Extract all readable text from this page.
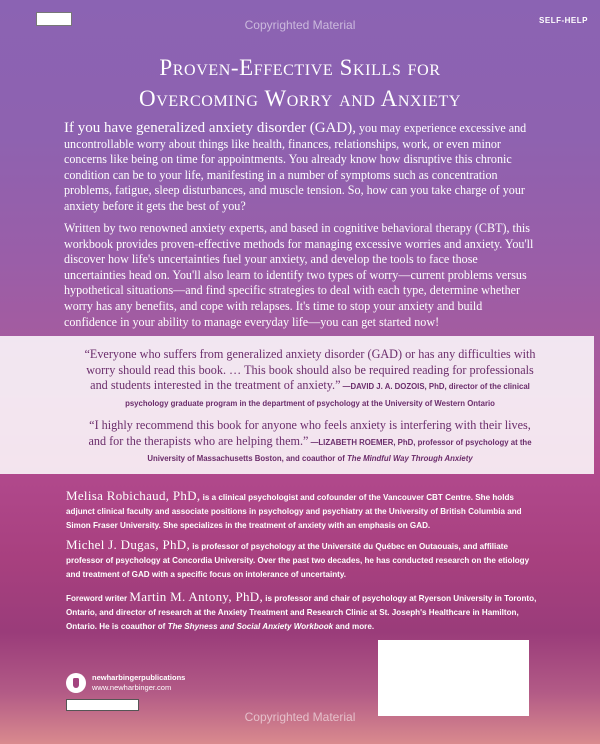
Copyrighted Material	SELF-HELP
Proven-Effective Skills for
Overcoming Worry and Anxiety

If you have generalized anxiety disorder (GAD), you may experience excessive and uncontrollable worry about things like health, finances, relationships, work, or even minor concerns like being on time for appointments. You already know how disruptive this chronic condition can be to your life, manifesting in a number of symptoms such as concentration problems, fatigue, sleep disturbances, and muscle tension. So, how can you take charge of your anxiety before it gets the best of you?

Written by two renowned anxiety experts, and based in cognitive behavioral therapy (CBT), this workbook provides proven-effective methods for managing excessive worries and anxiety. You'll discover how life's uncertainties fuel your anxiety, and develop the tools to face those uncertainties head on. You'll also learn to identify two types of worry—current problems versus hypothetical situations—and find specific strategies to deal with each type, determine whether worry has any benefits, and cope with relapses. It's time to stop your anxiety and build confidence in your ability to manage everyday life—you can get started now!

“Everyone who suffers from generalized anxiety disorder (GAD) or has any difficulties with worry should read this book. … This book should also be required reading for professionals and students interested in the treatment of anxiety.” —DAVID J. A. DOZOIS, PhD, director of the clinical psychology graduate program in the department of psychology at the University of Western Ontario
“I highly recommend this book for anyone who feels anxiety is interfering with their lives, and for the therapists who are helping them.” —LIZABETH ROEMER, PhD, professor of psychology at the University of Massachusetts Boston, and coauthor of The Mindful Way Through Anxiety
Melisa Robichaud, PhD, is a clinical psychologist and cofounder of the Vancouver CBT Centre. She holds adjunct clinical faculty and associate positions in psychology and psychiatry at the University of British Columbia and Simon Fraser University. She specializes in the treatment of anxiety with an emphasis on GAD.
Michel J. Dugas, PhD, is professor of psychology at the Université du Québec en Outaouais, and affiliate professor of psychology at Concordia University. Over the past two decades, he has conducted research on the etiology and treatment of GAD with a specific focus on intolerance of uncertainty.
Foreword writer Martin M. Antony, PhD, is professor and chair of psychology at Ryerson University in Toronto, Ontario, and director of research at the Anxiety Treatment and Research Clinic at St. Joseph's Healthcare in Hamilton, Ontario. He is coauthor of The Shyness and Social Anxiety Workbook and more.
newharbingerpublications
www.newharbinger.com
Copyrighted Material
